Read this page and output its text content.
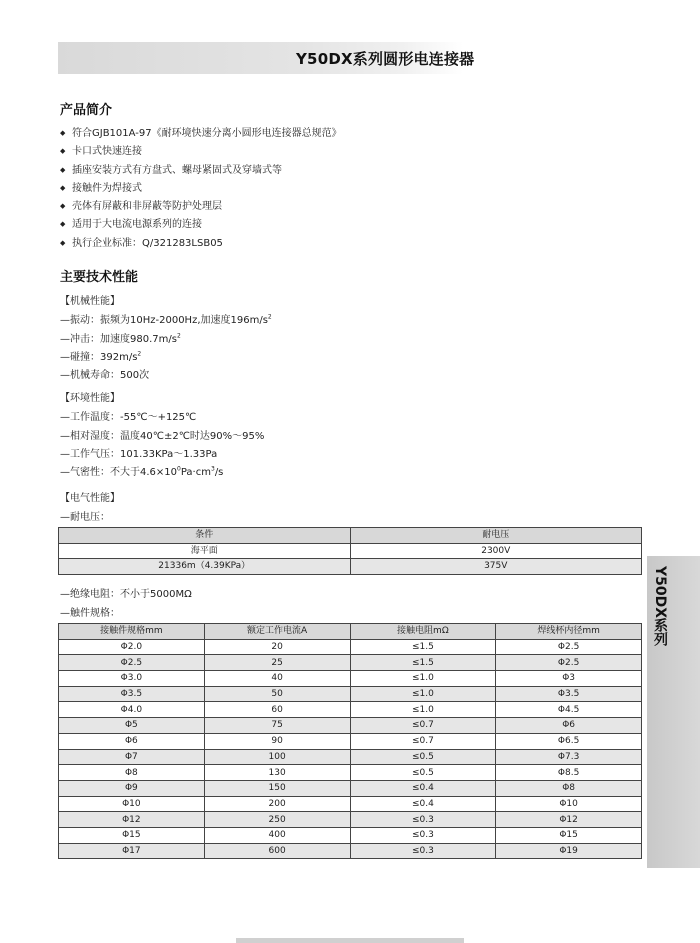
Y50DX系列圆形电连接器
产品简介
◆ 符合GJB101A-97《耐环境快速分离小圆形电连接器总规范》
◆ 卡口式快速连接
◆ 插座安装方式有方盘式、螺母紧固式及穿墙式等
◆ 接触件为焊接式
◆ 壳体有屏蔽和非屏蔽等防护处理层
◆ 适用于大电流电源系列的连接
◆ 执行企业标准：Q/321283LSB05
主要技术性能
【机械性能】
—振动：振频为10Hz-2000Hz,加速度$196m/s^2$
—冲击：加速度$980.7m/s^2$
—碰撞：$392m/s^2$
—机械寿命：500次
【环境性能】
—工作温度：-55℃～+125℃
—相对湿度：温度40℃±2℃时达90%～95%
—工作气压：101.33KPa～1.33Pa
—气密性：不大于$4.6\times 10^0Pa\cdot cm^3/s$
【电气性能】
—耐电压：
条件	耐电压
海平面	2300V
21336m（4.39KPa）	375V
—绝缘电阻：不小于5000MΩ
—触件规格：
接触件规格mm	额定工作电流A	接触电阻mΩ	焊线杯内径mm
Φ2.0	20	≤1.5	Φ2.5
Φ2.5	25	≤1.5	Φ2.5
Φ3.0	40	≤1.0	Φ3
Φ3.5	50	≤1.0	Φ3.5
Φ4.0	60	≤1.0	Φ4.5
Φ5	75	≤0.7	Φ6
Φ6	90	≤0.7	Φ6.5
Φ7	100	≤0.5	Φ7.3
Φ8	130	≤0.5	Φ8.5
Φ9	150	≤0.4	Φ8
Φ10	200	≤0.4	Φ10
Φ12	250	≤0.3	Φ12
Φ15	400	≤0.3	Φ15
Φ17	600	≤0.3	Φ19
Y50DX系列
